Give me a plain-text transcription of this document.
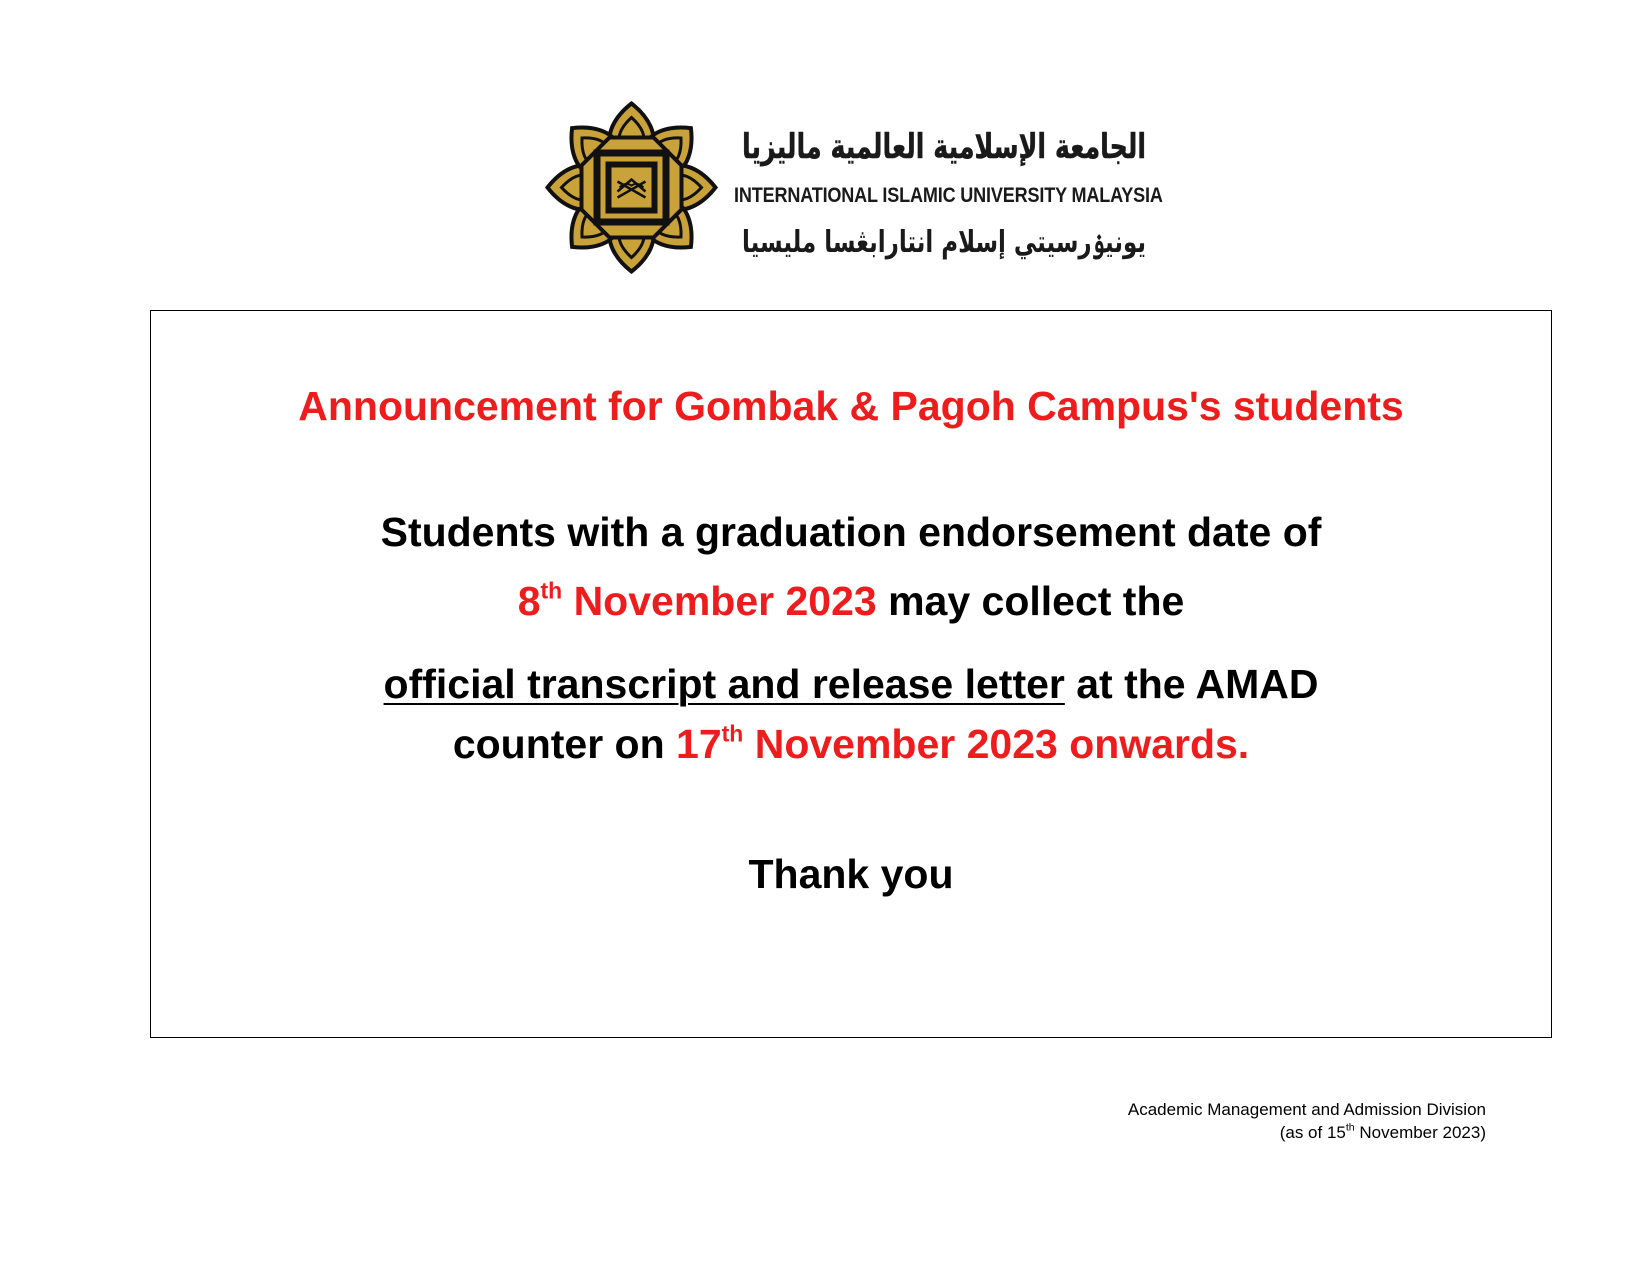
الجامعة الإسلامية العالمية ماليزيا
INTERNATIONAL ISLAMIC UNIVERSITY MALAYSIA
يونيۏرسيتي إسلام انتارابڠسا مليسيا
Announcement for Gombak & Pagoh Campus's students
Students with a graduation endorsement date of
8th November 2023 may collect the
official transcript and release letter at the AMAD
counter on 17th November 2023 onwards.
Thank you
Academic Management and Admission Division
(as of 15th November 2023)
